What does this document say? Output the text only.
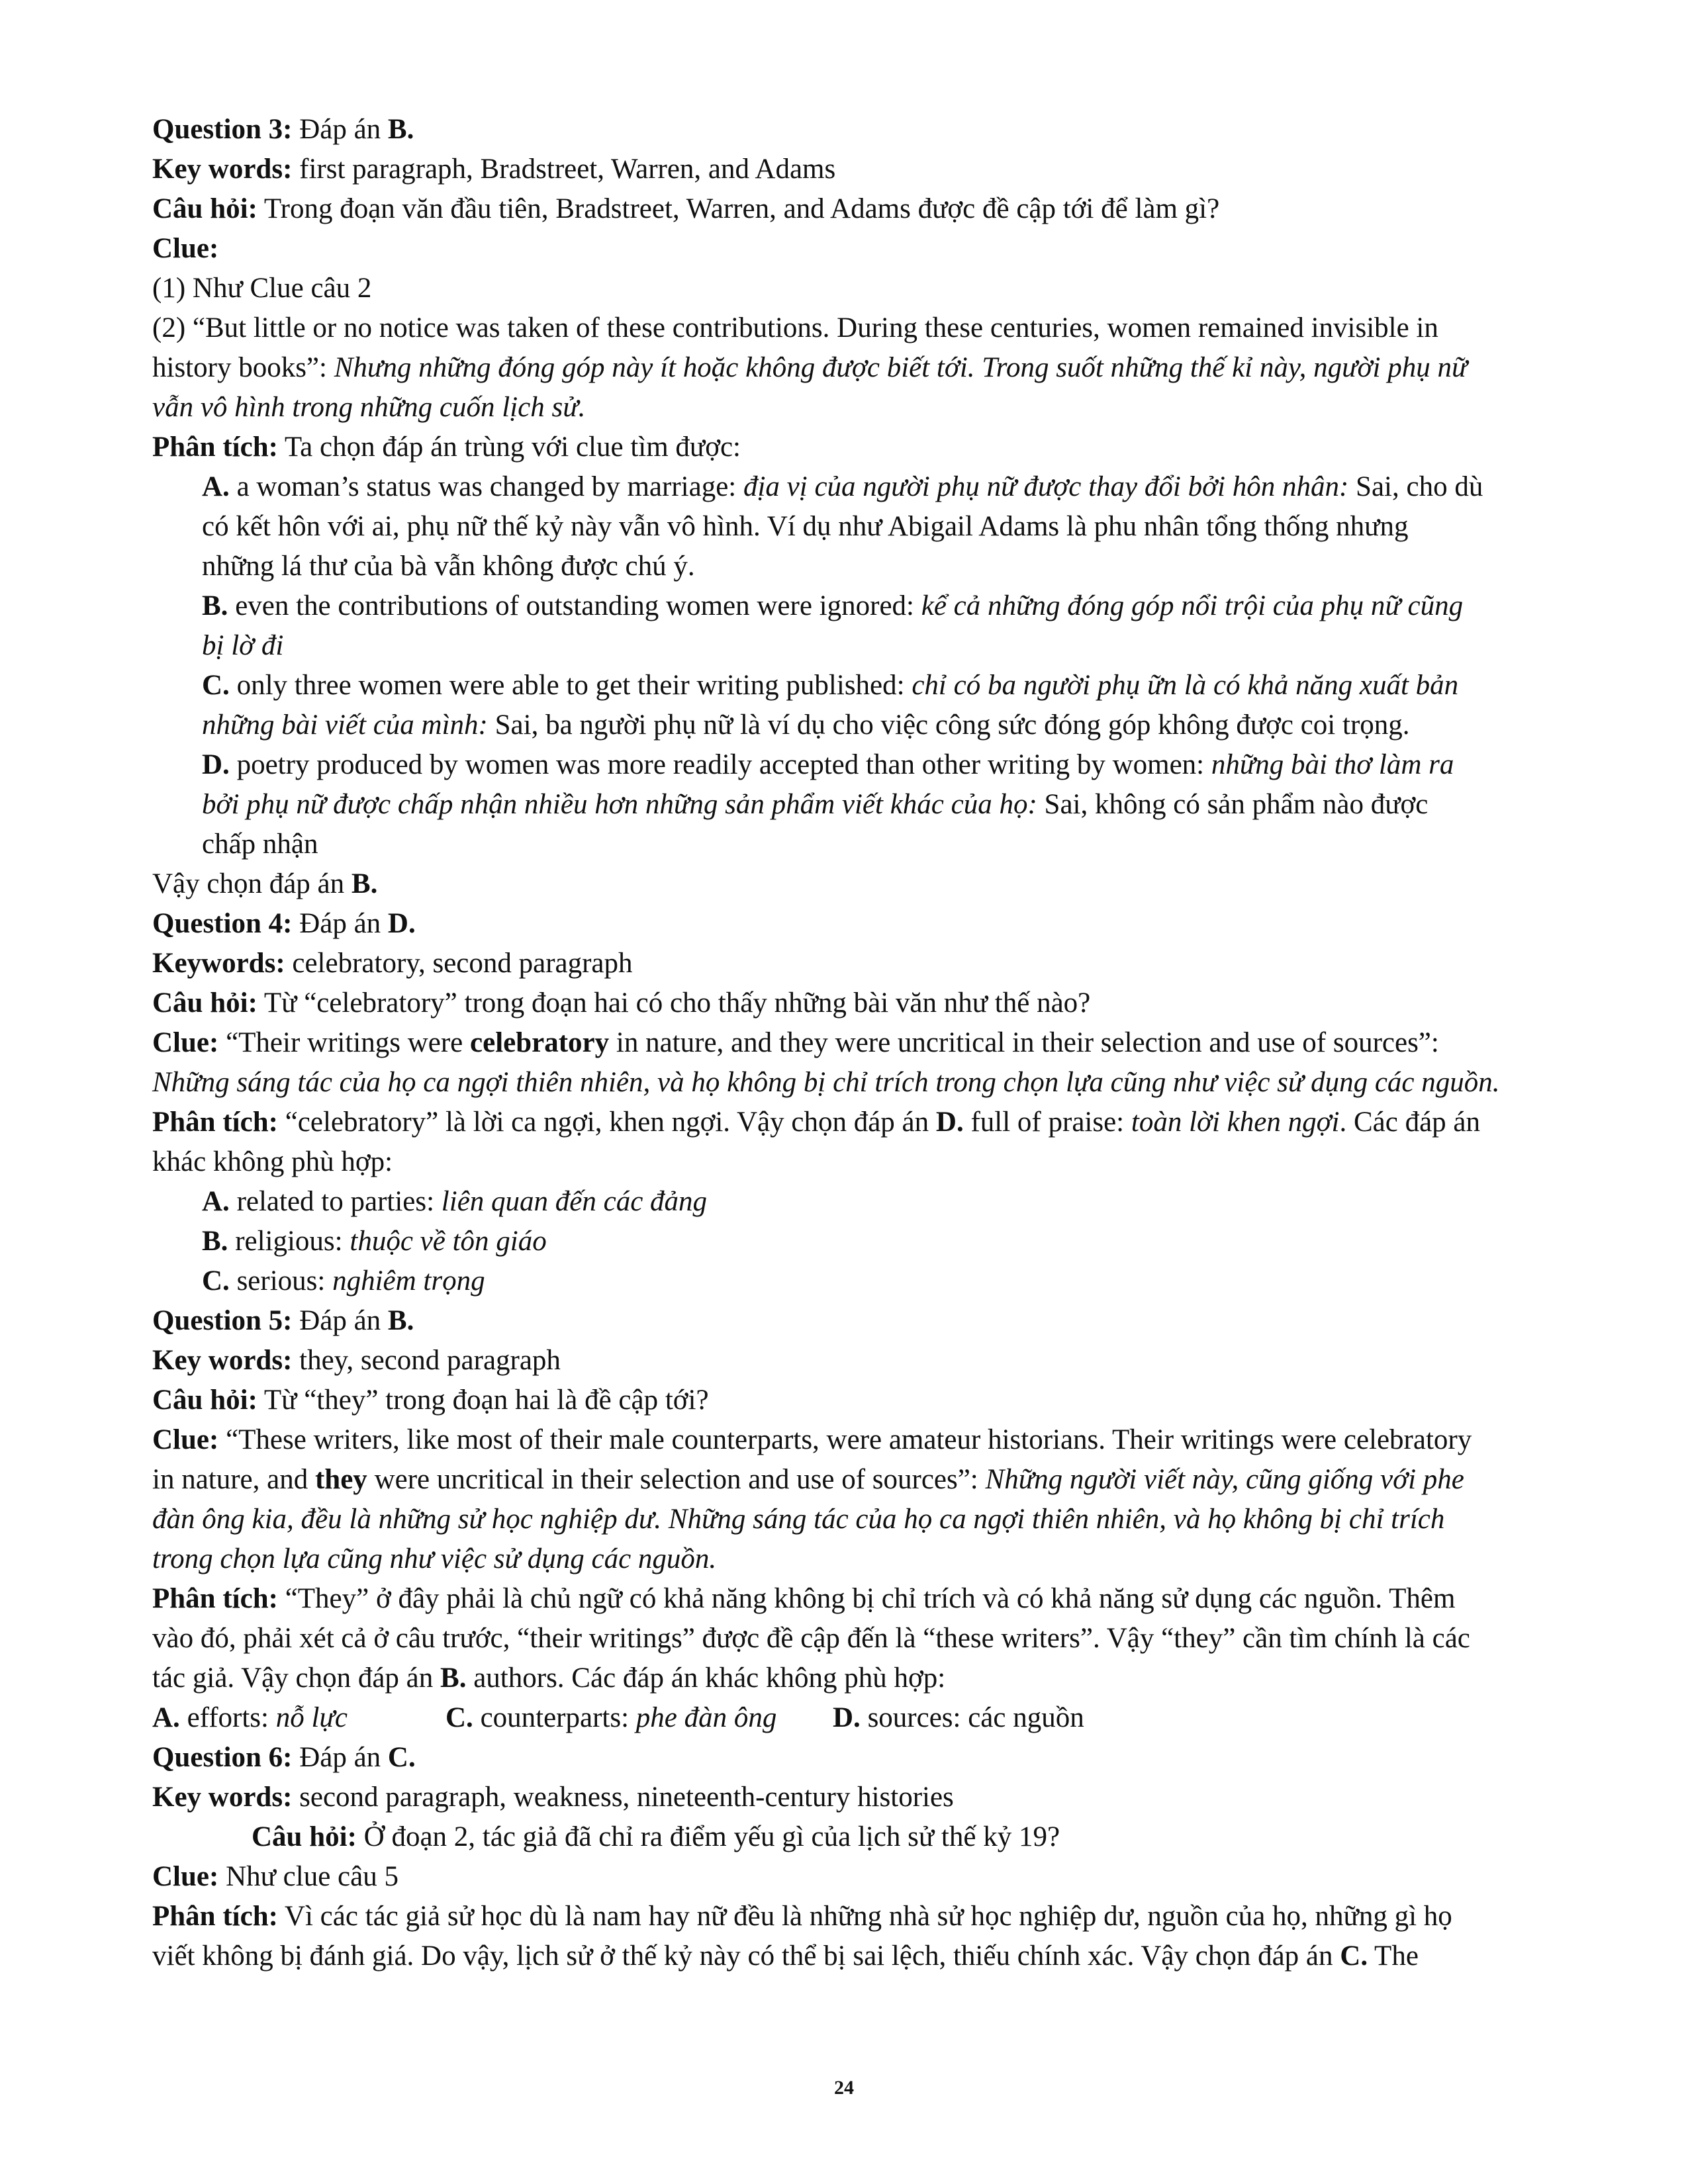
Question 3: Đáp án B.
Key words: first paragraph, Bradstreet, Warren, and Adams
Câu hỏi: Trong đoạn văn đầu tiên, Bradstreet, Warren, and Adams được đề cập tới để làm gì?
Clue:
(1) Như Clue câu 2
(2) “But little or no notice was taken of these contributions. During these centuries, women remained invisible in
history books”: Nhưng những đóng góp này ít hoặc không được biết tới. Trong suốt những thế kỉ này, người phụ nữ
vẫn vô hình trong những cuốn lịch sử.
Phân tích: Ta chọn đáp án trùng với clue tìm được:
A. a woman’s status was changed by marriage: địa vị của người phụ nữ được thay đổi bởi hôn nhân: Sai, cho dù
có kết hôn với ai, phụ nữ thế kỷ này vẫn vô hình. Ví dụ như Abigail Adams là phu nhân tổng thống nhưng
những lá thư của bà vẫn không được chú ý.
B. even the contributions of outstanding women were ignored: kể cả những đóng góp nổi trội của phụ nữ cũng
bị lờ đi
C. only three women were able to get their writing published: chỉ có ba người phụ ữn là có khả năng xuất bản
những bài viết của mình: Sai, ba người phụ nữ là ví dụ cho việc công sức đóng góp không được coi trọng.
D. poetry produced by women was more readily accepted than other writing by women: những bài thơ làm ra
bởi phụ nữ được chấp nhận nhiều hơn những sản phẩm viết khác của họ: Sai, không có sản phẩm nào được
chấp nhận
Vậy chọn đáp án B.
Question 4: Đáp án D.
Keywords: celebratory, second paragraph
Câu hỏi: Từ “celebratory” trong đoạn hai có cho thấy những bài văn như thế nào?
Clue: “Their writings were celebratory in nature, and they were uncritical in their selection and use of sources”:
Những sáng tác của họ ca ngợi thiên nhiên, và họ không bị chỉ trích trong chọn lựa cũng như việc sử dụng các nguồn.
Phân tích: “celebratory” là lời ca ngợi, khen ngợi. Vậy chọn đáp án D. full of praise: toàn lời khen ngợi. Các đáp án
khác không phù hợp:
A. related to parties: liên quan đến các đảng
B. religious: thuộc về tôn giáo
C. serious: nghiêm trọng
Question 5: Đáp án B.
Key words: they, second paragraph
Câu hỏi: Từ “they” trong đoạn hai là đề cập tới?
Clue: “These writers, like most of their male counterparts, were amateur historians. Their writings were celebratory
in nature, and they were uncritical in their selection and use of sources”: Những người viết này, cũng giống với phe
đàn ông kia, đều là những sử học nghiệp dư. Những sáng tác của họ ca ngợi thiên nhiên, và họ không bị chỉ trích
trong chọn lựa cũng như việc sử dụng các nguồn.
Phân tích: “They” ở đây phải là chủ ngữ có khả năng không bị chỉ trích và có khả năng sử dụng các nguồn. Thêm
vào đó, phải xét cả ở câu trước, “their writings” được đề cập đến là “these writers”. Vậy “they” cần tìm chính là các
tác giả. Vậy chọn đáp án B. authors. Các đáp án khác không phù hợp:
A. efforts: nỗ lực	C. counterparts: phe đàn ông D. sources: các nguồn
Question 6: Đáp án C.
Key words: second paragraph, weakness, nineteenth-century histories
Câu hỏi: Ở đoạn 2, tác giả đã chỉ ra điểm yếu gì của lịch sử thế kỷ 19?
Clue: Như clue câu 5
Phân tích: Vì các tác giả sử học dù là nam hay nữ đều là những nhà sử học nghiệp dư, nguồn của họ, những gì họ
viết không bị đánh giá. Do vậy, lịch sử ở thế kỷ này có thể bị sai lệch, thiếu chính xác. Vậy chọn đáp án C. The
24
